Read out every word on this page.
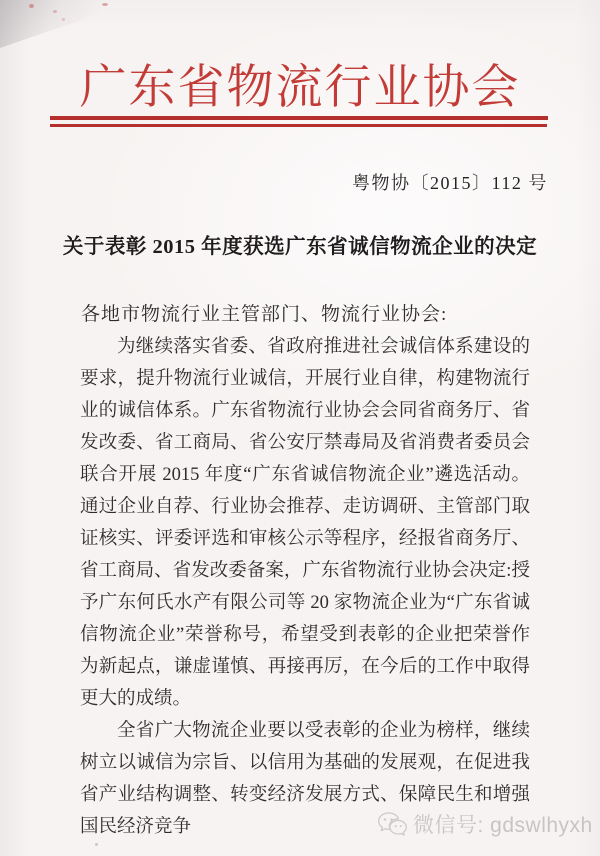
广东省物流行业协会
粤物协〔2015〕112 号
关于表彰 2015 年度获选广东省诚信物流企业的决定
各地市物流行业主管部门、物流行业协会:

为继续落实省委、省政府推进社会诚信体系建设的要求，提升物流行业诚信，开展行业自律，构建物流行业的诚信体系。广东省物流行业协会会同省商务厅、省发改委、省工商局、省公安厅禁毒局及省消费者委员会联合开展 2015 年度“广东省诚信物流企业”遴选活动。通过企业自荐、行业协会推荐、走访调研、主管部门取证核实、评委评选和审核公示等程序，经报省商务厅、省工商局、省发改委备案，广东省物流行业协会决定:授予广东何氏水产有限公司等 20 家物流企业为“广东省诚信物流企业”荣誉称号，希望受到表彰的企业把荣誉作为新起点，谦虚谨慎、再接再厉，在今后的工作中取得更大的成绩。

全省广大物流企业要以受表彰的企业为榜样，继续树立以诚信为宗旨、以信用为基础的发展观，在促进我省产业结构调整、转变经济发展方式、保障民生和增强国民经济竞争	微信号: gdswlhyxh
